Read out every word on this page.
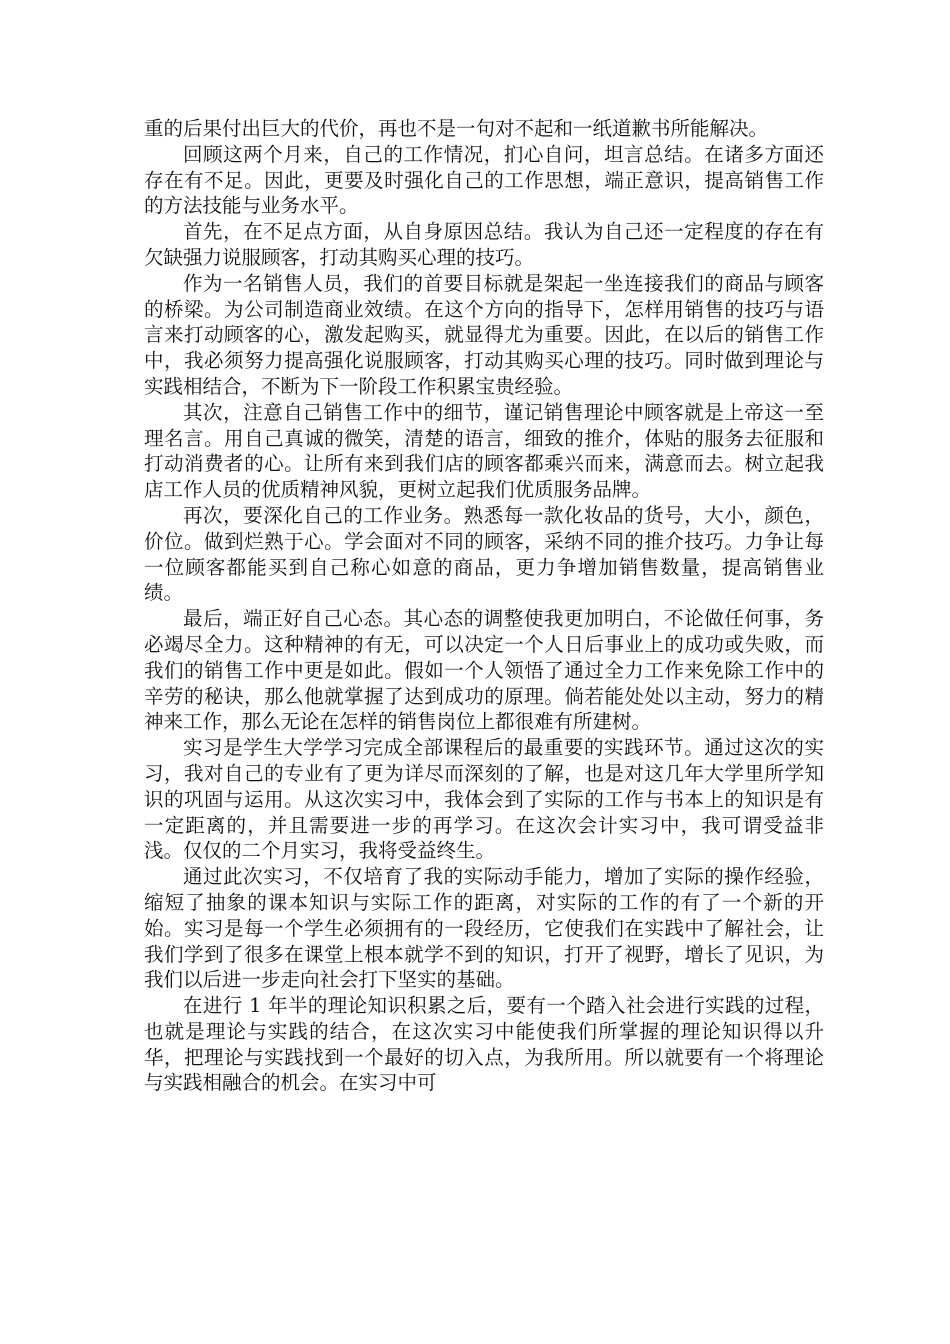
重的后果付出巨大的代价，再也不是一句对不起和一纸道歉书所能解决。

回顾这两个月来，自己的工作情况，扪心自问，坦言总结。在诸多方面还存在有不足。因此，更要及时强化自己的工作思想，端正意识，提高销售工作的方法技能与业务水平。

首先，在不足点方面，从自身原因总结。我认为自己还一定程度的存在有欠缺强力说服顾客，打动其购买心理的技巧。

作为一名销售人员，我们的首要目标就是架起一坐连接我们的商品与顾客的桥梁。为公司制造商业效绩。在这个方向的指导下，怎样用销售的技巧与语言来打动顾客的心，激发起购买，就显得尤为重要。因此，在以后的销售工作中，我必须努力提高强化说服顾客，打动其购买心理的技巧。同时做到理论与实践相结合，不断为下一阶段工作积累宝贵经验。

其次，注意自己销售工作中的细节，谨记销售理论中顾客就是上帝这一至理名言。用自己真诚的微笑，清楚的语言，细致的推介，体贴的服务去征服和打动消费者的心。让所有来到我们店的顾客都乘兴而来，满意而去。树立起我店工作人员的优质精神风貌，更树立起我们优质服务品牌。

再次，要深化自己的工作业务。熟悉每一款化妆品的货号，大小，颜色，价位。做到烂熟于心。学会面对不同的顾客，采纳不同的推介技巧。力争让每一位顾客都能买到自己称心如意的商品，更力争增加销售数量，提高销售业绩。

最后，端正好自己心态。其心态的调整使我更加明白，不论做任何事，务必竭尽全力。这种精神的有无，可以决定一个人日后事业上的成功或失败，而我们的销售工作中更是如此。假如一个人领悟了通过全力工作来免除工作中的辛劳的秘诀，那么他就掌握了达到成功的原理。倘若能处处以主动，努力的精神来工作，那么无论在怎样的销售岗位上都很难有所建树。

实习是学生大学学习完成全部课程后的最重要的实践环节。通过这次的实习，我对自己的专业有了更为详尽而深刻的了解，也是对这几年大学里所学知识的巩固与运用。从这次实习中，我体会到了实际的工作与书本上的知识是有一定距离的，并且需要进一步的再学习。在这次会计实习中，我可谓受益非浅。仅仅的二个月实习，我将受益终生。

通过此次实习，不仅培育了我的实际动手能力，增加了实际的操作经验，缩短了抽象的课本知识与实际工作的距离，对实际的工作的有了一个新的开始。实习是每一个学生必须拥有的一段经历，它使我们在实践中了解社会，让我们学到了很多在课堂上根本就学不到的知识，打开了视野，增长了见识，为我们以后进一步走向社会打下坚实的基础。

在进行 1 年半的理论知识积累之后，要有一个踏入社会进行实践的过程，也就是理论与实践的结合，在这次实习中能使我们所掌握的理论知识得以升华，把理论与实践找到一个最好的切入点，为我所用。所以就要有一个将理论与实践相融合的机会。在实习中可
